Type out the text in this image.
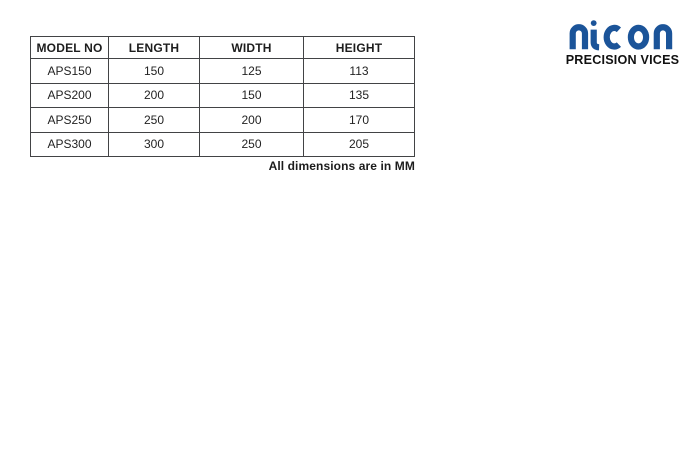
MODEL NO	LENGTH	WIDTH	HEIGHT
APS150	150	125	113
APS200	200	150	135
APS250	250	200	170
APS300	300	250	205
All dimensions are in MM
PRECISION VICES
